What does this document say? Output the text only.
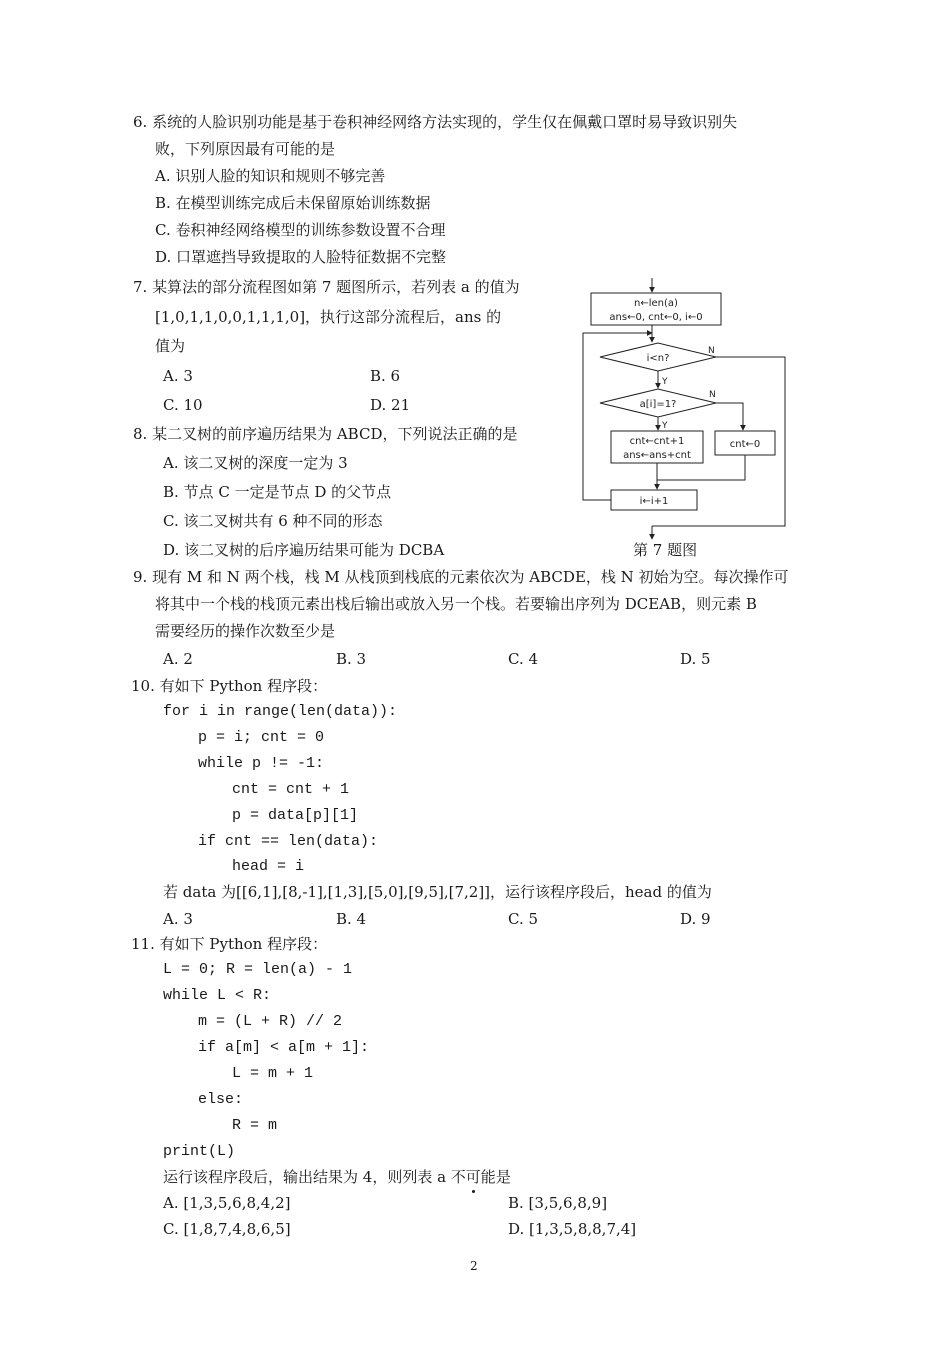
6. 系统的人脸识别功能是基于卷积神经网络方法实现的，学生仅在佩戴口罩时易导致识别失
败，下列原因最有可能的是
A. 识别人脸的知识和规则不够完善
B. 在模型训练完成后未保留原始训练数据
C. 卷积神经网络模型的训练参数设置不合理
D. 口罩遮挡导致提取的人脸特征数据不完整
7. 某算法的部分流程图如第 7 题图所示，若列表 a 的值为
[1,0,1,1,0,0,1,1,1,0]，执行这部分流程后，ans 的
值为
A. 3	B. 6
C. 10	D. 21
n←len(a)
ans←0, cnt←0, i←0
i<n?
a[i]=1?
Y
N
Y
N
cnt←cnt+1
ans←ans+cnt
cnt←0
i←i+1
第 7 题图
8. 某二叉树的前序遍历结果为 ABCD，下列说法正确的是
A. 该二叉树的深度一定为 3
B. 节点 C 一定是节点 D 的父节点
C. 该二叉树共有 6 种不同的形态
D. 该二叉树的后序遍历结果可能为 DCBA
9. 现有 M 和 N 两个栈，栈 M 从栈顶到栈底的元素依次为 ABCDE，栈 N 初始为空。每次操作可
将其中一个栈的栈顶元素出栈后输出或放入另一个栈。若要输出序列为 DCEAB，则元素 B
需要经历的操作次数至少是
A. 2	B. 3	C. 4	D. 5
10. 有如下 Python 程序段：
for i in range(len(data)):
p = i; cnt = 0
while p != -1:
cnt = cnt + 1
p = data[p][1]
if cnt == len(data):
head = i
若 data 为[[6,1],[8,-1],[1,3],[5,0],[9,5],[7,2]]，运行该程序段后，head 的值为
A. 3	B. 4	C. 5	D. 9
11. 有如下 Python 程序段：
L = 0; R = len(a) - 1
while L < R:
m = (L + R) // 2
if a[m] < a[m + 1]:
L = m + 1
else:
R = m
print(L)
运行该程序段后，输出结果为 4，则列表 a 不可能是
A. [1,3,5,6,8,4,2]	B. [3,5,6,8,9]
C. [1,8,7,4,8,6,5]	D. [1,3,5,8,8,7,4]
2
